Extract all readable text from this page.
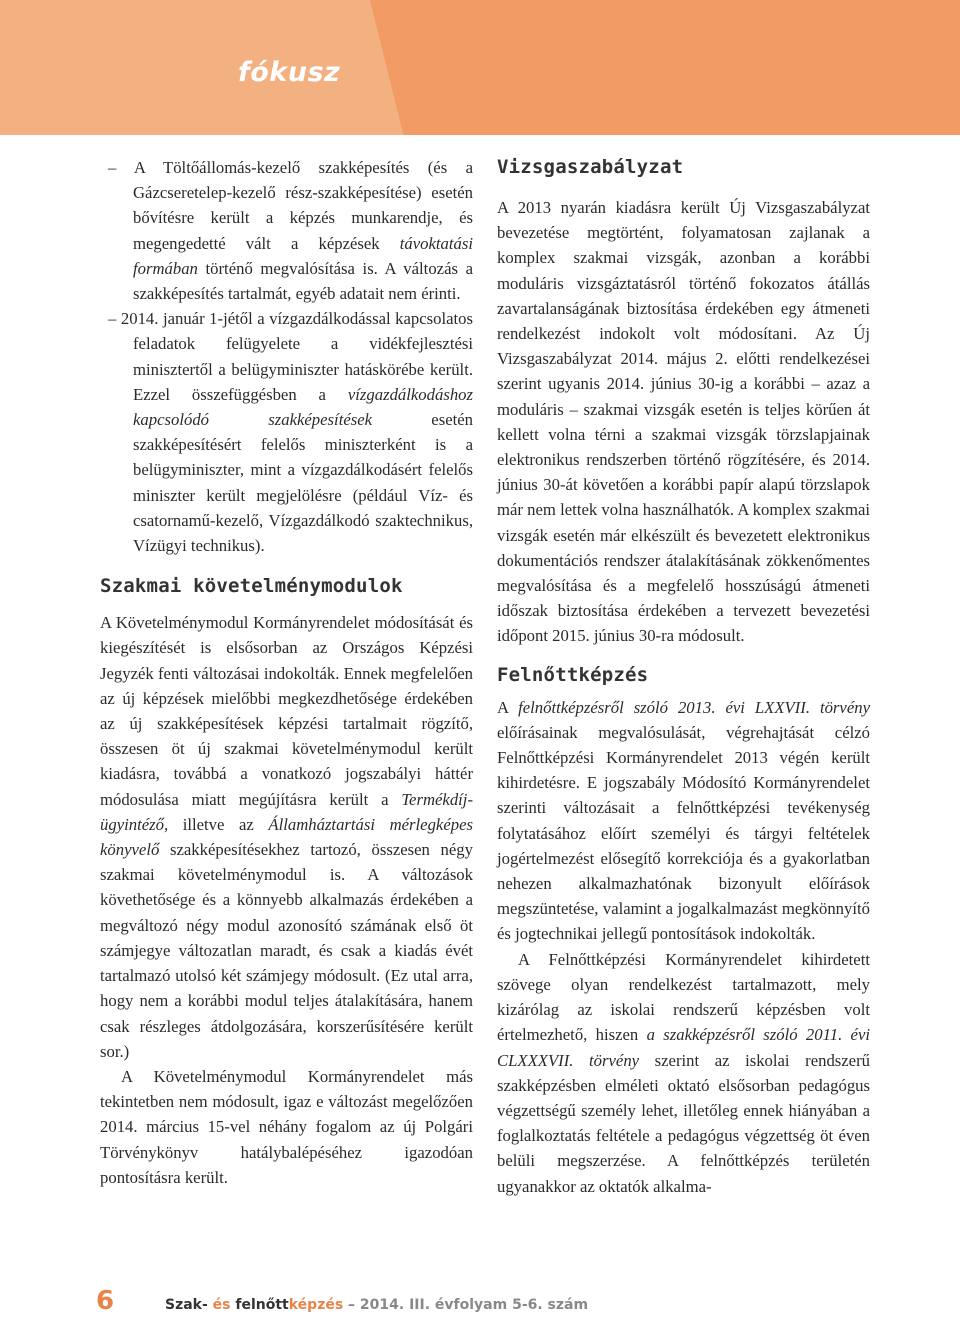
fókusz

– A Töltőállomás-kezelő szakképesítés (és a Gázcseretelep-kezelő rész-szakképesítése) esetén bővítésre került a képzés munkarendje, és megengedetté vált a képzések távoktatási formában történő megvalósítása is. A változás a szakképesítés tartalmát, egyéb adatait nem érinti.

– 2014. január 1-jétől a vízgazdálkodással kapcsolatos feladatok felügyelete a vidékfejlesztési minisztertől a belügyminiszter hatáskörébe került. Ezzel összefüggésben a vízgazdálkodáshoz kapcsolódó szakképesítések esetén szakképesítésért felelős miniszterként is a belügyminiszter, mint a vízgazdálkodásért felelős miniszter került megjelölésre (például Víz- és csatornamű-kezelő, Vízgazdálkodó szaktechnikus, Vízügyi technikus).

Szakmai követelménymodulok

A Követelménymodul Kormányrendelet módosítását és kiegészítését is elsősorban az Országos Képzési Jegyzék fenti változásai indokolták. Ennek megfelelően az új képzések mielőbbi megkezdhetősége érdekében az új szakképesítések képzési tartalmait rögzítő, összesen öt új szakmai követelménymodul került kiadásra, továbbá a vonatkozó jogszabályi háttér módosulása miatt megújításra került a Termékdíj-ügyintéző, illetve az Államháztartási mérlegképes könyvelő szakképesítésekhez tartozó, összesen négy szakmai követelménymodul is. A változások követhetősége és a könnyebb alkalmazás érdekében a megváltozó négy modul azonosító számának első öt számjegye változatlan maradt, és csak a kiadás évét tartalmazó utolsó két számjegy módosult. (Ez utal arra, hogy nem a korábbi modul teljes átalakítására, hanem csak részleges átdolgozására, korszerűsítésére került sor.)

A Követelménymodul Kormányrendelet más tekintetben nem módosult, igaz e változást megelőzően 2014. március 15-vel néhány fogalom az új Polgári Törvénykönyv hatálybalépéséhez igazodóan pontosításra került.

Vizsgaszabályzat

A 2013 nyarán kiadásra került Új Vizsgaszabályzat bevezetése megtörtént, folyamatosan zajlanak a komplex szakmai vizsgák, azonban a korábbi moduláris vizsgáztatásról történő fokozatos átállás zavartalanságának biztosítása érdekében egy átmeneti rendelkezést indokolt volt módosítani. Az Új Vizsgaszabályzat 2014. május 2. előtti rendelkezései szerint ugyanis 2014. június 30-ig a korábbi – azaz a moduláris – szakmai vizsgák esetén is teljes körűen át kellett volna térni a szakmai vizsgák törzslapjainak elektronikus rendszerben történő rögzítésére, és 2014. június 30-át követően a korábbi papír alapú törzslapok már nem lettek volna használhatók. A komplex szakmai vizsgák esetén már elkészült és bevezetett elektronikus dokumentációs rendszer átalakításának zökkenőmentes megvalósítása és a megfelelő hosszúságú átmeneti időszak biztosítása érdekében a tervezett bevezetési időpont 2015. június 30-ra módosult.

Felnőttképzés

A felnőttképzésről szóló 2013. évi LXXVII. törvény előírásainak megvalósulását, végrehajtását célzó Felnőttképzési Kormányrendelet 2013 végén került kihirdetésre. E jogszabály Módosító Kormányrendelet szerinti változásait a felnőttképzési tevékenység folytatásához előírt személyi és tárgyi feltételek jogértelmezést elősegítő korrekciója és a gyakorlatban nehezen alkalmazhatónak bizonyult előírások megszüntetése, valamint a jogalkalmazást megkönnyítő és jogtechnikai jellegű pontosítások indokolták.

A Felnőttképzési Kormányrendelet kihirdetett szövege olyan rendelkezést tartalmazott, mely kizárólag az iskolai rendszerű képzésben volt értelmezhető, hiszen a szakképzésről szóló 2011. évi CLXXXVII. törvény szerint az iskolai rendszerű szakképzésben elméleti oktató elsősorban pedagógus végzettségű személy lehet, illetőleg ennek hiányában a foglalkoztatás feltétele a pedagógus végzettség öt éven belüli megszerzése. A felnőttképzés területén ugyanakkor az oktatók alkalma-

6	Szak- és felnőttképzés – 2014. III. évfolyam 5-6. szám
